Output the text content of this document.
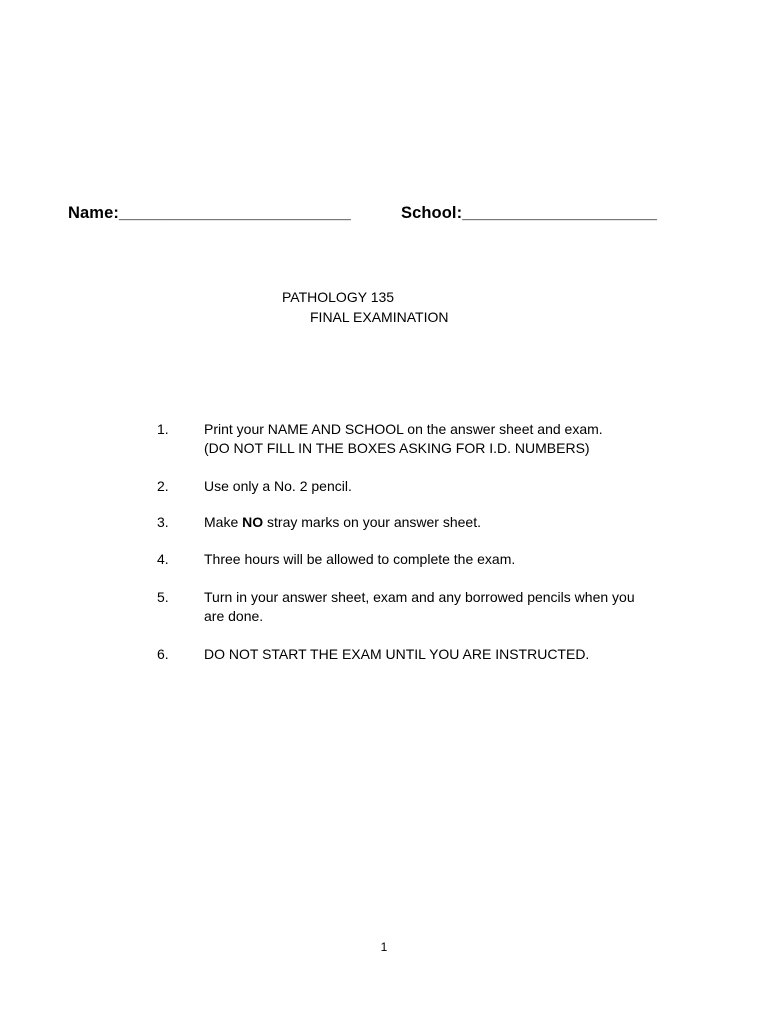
Name:_________________________	School:_____________________
PATHOLOGY 135
FINAL EXAMINATION
1.	Print your NAME AND SCHOOL on the answer sheet and exam.
(DO NOT FILL IN THE BOXES ASKING FOR I.D. NUMBERS)
2.	Use only a No. 2 pencil.
3.	Make NO stray marks on your answer sheet.
4.	Three hours will be allowed to complete the exam.
5.	Turn in your answer sheet, exam and any borrowed pencils when you
are done.
6.	DO NOT START THE EXAM UNTIL YOU ARE INSTRUCTED.
1
